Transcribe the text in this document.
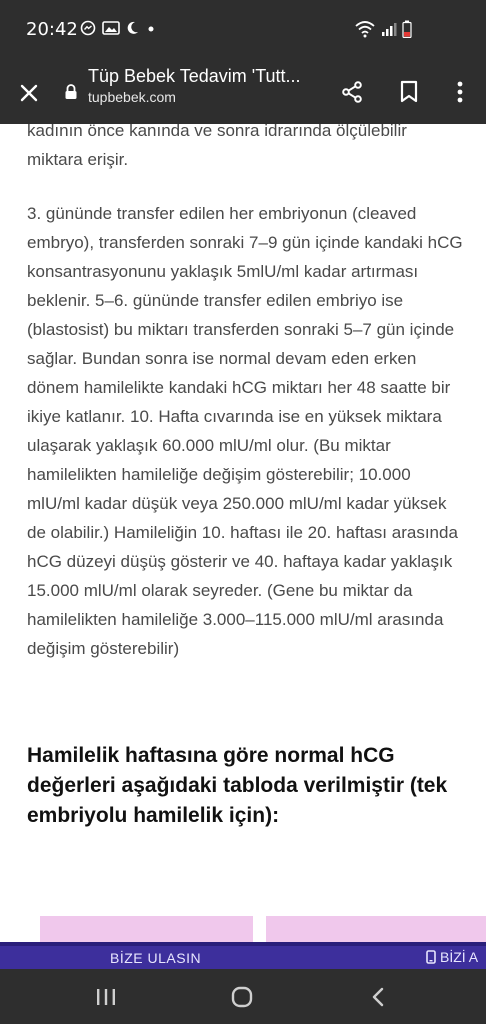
20:42
Tüp Bebek Tedavim 'Tutt...
tupbebek.com

kadının önce kanında ve sonra idrarında ölçülebilir miktara erişir.

3. gününde transfer edilen her embriyonun (cleaved embryo), transferden sonraki 7–9 gün içinde kandaki hCG konsantrasyonunu yaklaşık 5mlU/ml kadar artırması beklenir. 5–6. gününde transfer edilen embriyo ise (blastosist) bu miktarı transferden sonraki 5–7 gün içinde sağlar. Bundan sonra ise normal devam eden erken dönem hamilelikte kandaki hCG miktarı her 48 saatte bir ikiye katlanır. 10. Hafta cıvarında ise en yüksek miktara ulaşarak yaklaşık 60.000 mlU/ml olur. (Bu miktar hamilelikten hamileliğe değişim gösterebilir; 10.000 mlU/ml kadar düşük veya 250.000 mlU/ml kadar yüksek de olabilir.) Hamileliğin 10. haftası ile 20. haftası arasında hCG düzeyi düşüş gösterir ve 40. haftaya kadar yaklaşık 15.000 mlU/ml olarak seyreder. (Gene bu miktar da hamilelikten hamileliğe 3.000–115.000 mlU/ml arasında değişim gösterebilir)

Hamilelik haftasına göre normal hCG değerleri aşağıdaki tabloda verilmiştir (tek embriyolu hamilelik için):
BİZE ULASIN	BİZİ A
